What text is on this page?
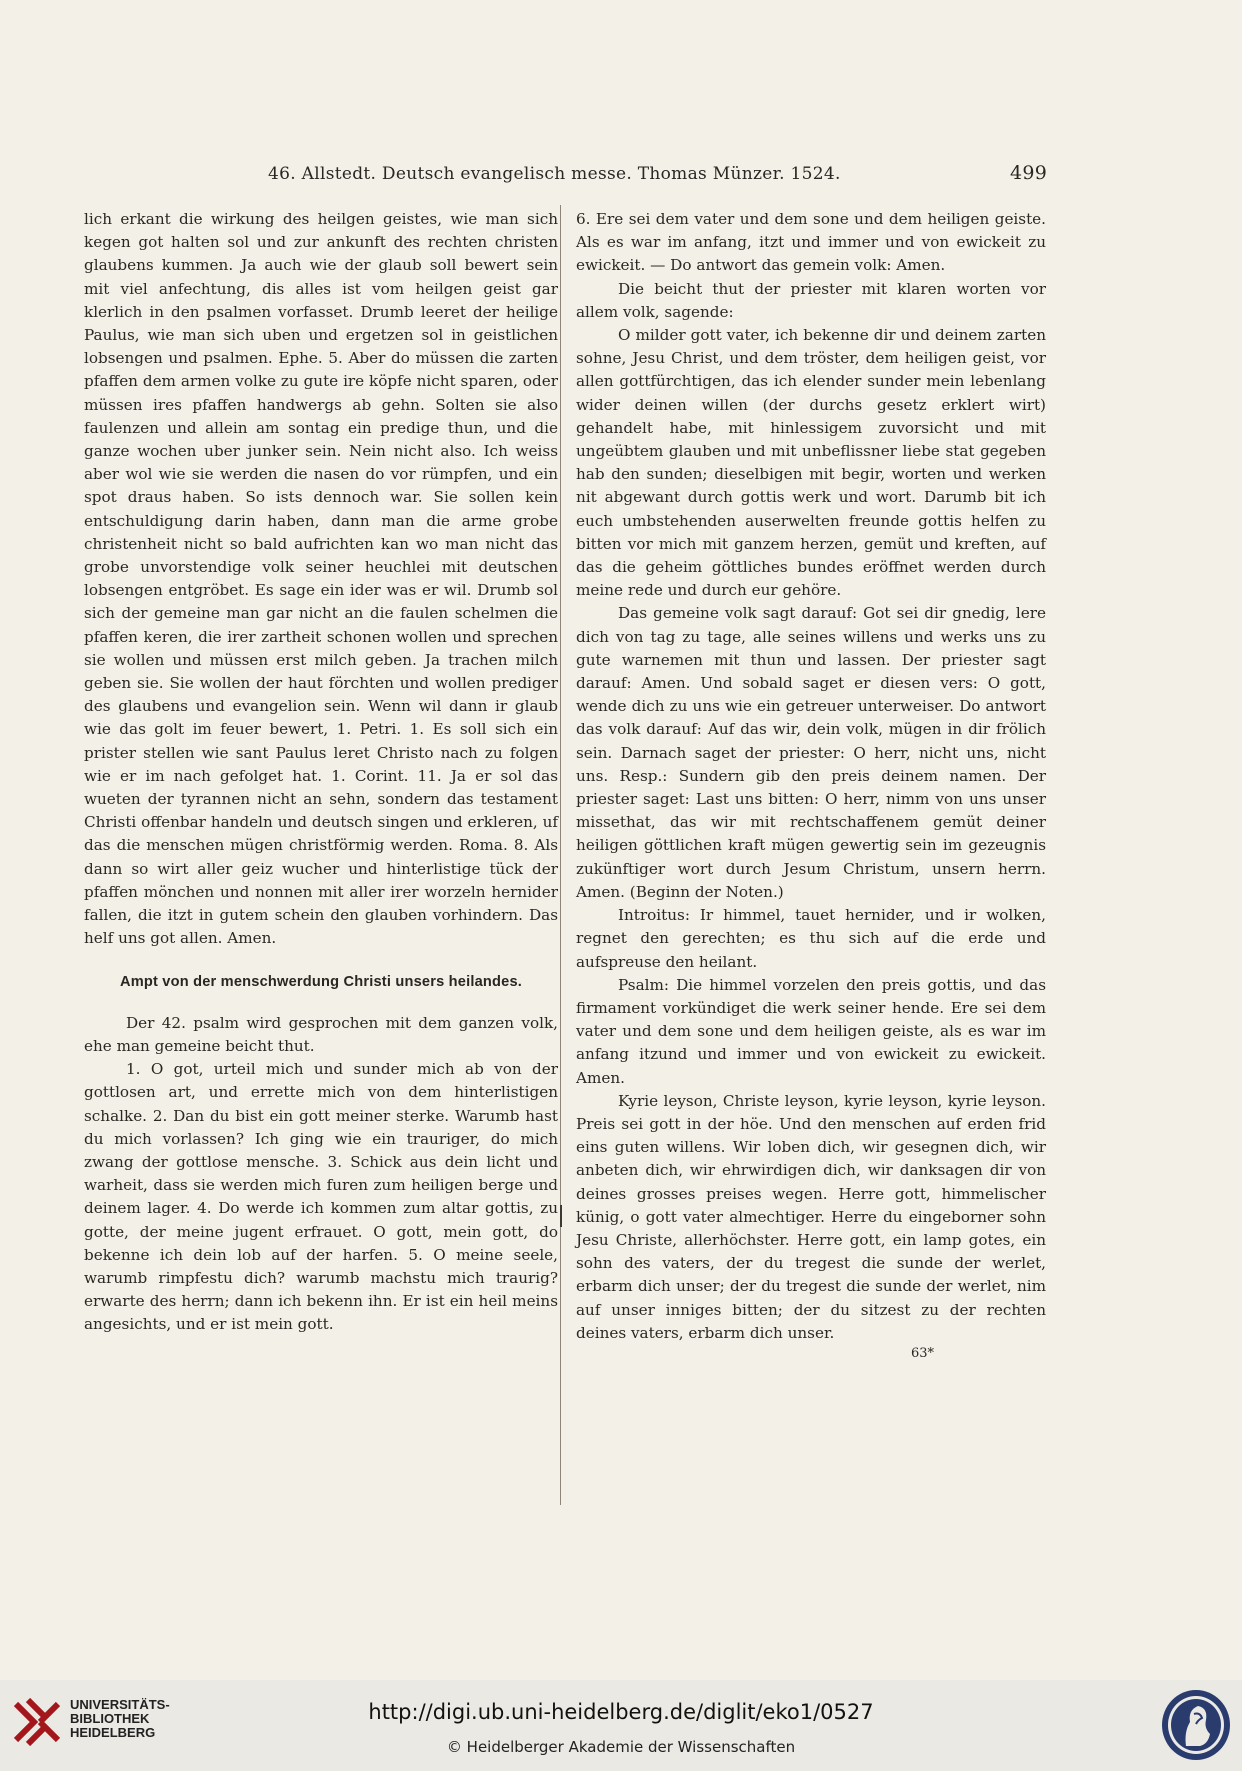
46. Allstedt. Deutsch evangelisch messe. Thomas Münzer. 1524.	499

lich erkant die wirkung des heilgen geistes, wie man sich kegen got halten sol und zur ankunft des rechten christen glaubens kummen. Ja auch wie der glaub soll bewert sein mit viel anfechtung, dis alles ist vom heilgen geist gar klerlich in den psalmen vorfasset. Drumb leeret der heilige Paulus, wie man sich uben und ergetzen sol in geistlichen lobsengen und psalmen. Ephe. 5. Aber do müssen die zarten pfaffen dem armen volke zu gute ire köpfe nicht sparen, oder müssen ires pfaffen handwergs ab gehn. Solten sie also faulenzen und allein am sontag ein predige thun, und die ganze wochen uber junker sein. Nein nicht also. Ich weiss aber wol wie sie werden die nasen do vor rümpfen, und ein spot draus haben. So ists dennoch war. Sie sollen kein entschuldigung darin haben, dann man die arme grobe christenheit nicht so bald aufrichten kan wo man nicht das grobe unvorstendige volk seiner heuchlei mit deutschen lobsengen entgröbet. Es sage ein ider was er wil. Drumb sol sich der gemeine man gar nicht an die faulen schelmen die pfaffen keren, die irer zartheit schonen wollen und sprechen sie wollen und müssen erst milch geben. Ja trachen milch geben sie. Sie wollen der haut förchten und wollen prediger des glaubens und evangelion sein. Wenn wil dann ir glaub wie das golt im feuer bewert, 1. Petri. 1. Es soll sich ein prister stellen wie sant Paulus leret Christo nach zu folgen wie er im nach gefolget hat. 1. Corint. 11. Ja er sol das wueten der tyrannen nicht an sehn, sondern das testament Christi offenbar handeln und deutsch singen und erkleren, uf das die menschen mügen christförmig werden. Roma. 8. Als dann so wirt aller geiz wucher und hinterlistige tück der pfaffen mönchen und nonnen mit aller irer worzeln hernider fallen, die itzt in gutem schein den glauben vorhindern. Das helf uns got allen. Amen.

Ampt von der menschwerdung Christi unsers heilandes.

Der 42. psalm wird gesprochen mit dem ganzen volk, ehe man gemeine beicht thut.

1. O got, urteil mich und sunder mich ab von der gottlosen art, und errette mich von dem hinterlistigen schalke. 2. Dan du bist ein gott meiner sterke. Warumb hast du mich vorlassen? Ich ging wie ein trauriger, do mich zwang der gottlose mensche. 3. Schick aus dein licht und warheit, dass sie werden mich furen zum heiligen berge und deinem lager. 4. Do werde ich kommen zum altar gottis, zu gotte, der meine jugent erfrauet. O gott, mein gott, do bekenne ich dein lob auf der harfen. 5. O meine seele, warumb rimpfestu dich? warumb machstu mich traurig? erwarte des herrn; dann ich bekenn ihn. Er ist ein heil meins angesichts, und er ist mein gott.

6. Ere sei dem vater und dem sone und dem heiligen geiste. Als es war im anfang, itzt und immer und von ewickeit zu ewickeit. — Do antwort das gemein volk: Amen.

Die beicht thut der priester mit klaren worten vor allem volk, sagende:

O milder gott vater, ich bekenne dir und deinem zarten sohne, Jesu Christ, und dem tröster, dem heiligen geist, vor allen gottfürchtigen, das ich elender sunder mein lebenlang wider deinen willen (der durchs gesetz erklert wirt) gehandelt habe, mit hinlessigem zuvorsicht und mit ungeübtem glauben und mit unbeflissner liebe stat gegeben hab den sunden; dieselbigen mit begir, worten und werken nit abgewant durch gottis werk und wort. Darumb bit ich euch umbstehenden auserwelten freunde gottis helfen zu bitten vor mich mit ganzem herzen, gemüt und kreften, auf das die geheim göttliches bundes eröffnet werden durch meine rede und durch eur gehöre.

Das gemeine volk sagt darauf: Got sei dir gnedig, lere dich von tag zu tage, alle seines willens und werks uns zu gute warnemen mit thun und lassen. Der priester sagt darauf: Amen. Und sobald saget er diesen vers: O gott, wende dich zu uns wie ein getreuer unterweiser. Do antwort das volk darauf: Auf das wir, dein volk, mügen in dir frölich sein. Darnach saget der priester: O herr, nicht uns, nicht uns. Resp.: Sundern gib den preis deinem namen. Der priester saget: Last uns bitten: O herr, nimm von uns unser missethat, das wir mit rechtschaffenem gemüt deiner heiligen göttlichen kraft mügen gewertig sein im gezeugnis zukünftiger wort durch Jesum Christum, unsern herrn. Amen. (Beginn der Noten.)

Introitus: Ir himmel, tauet hernider, und ir wolken, regnet den gerechten; es thu sich auf die erde und aufspreuse den heilant.

Psalm: Die himmel vorzelen den preis gottis, und das firmament vorkündiget die werk seiner hende. Ere sei dem vater und dem sone und dem heiligen geiste, als es war im anfang itzund und immer und von ewickeit zu ewickeit. Amen.

Kyrie leyson, Christe leyson, kyrie leyson, kyrie leyson. Preis sei gott in der höe. Und den menschen auf erden frid eins guten willens. Wir loben dich, wir gesegnen dich, wir anbeten dich, wir ehrwirdigen dich, wir danksagen dir von deines grosses preises wegen. Herre gott, himmelischer künig, o gott vater almechtiger. Herre du eingeborner sohn Jesu Christe, allerhöchster. Herre gott, ein lamp gotes, ein sohn des vaters, der du tregest die sunde der werlet, erbarm dich unser; der du tregest die sunde der werlet, nim auf unser inniges bitten; der du sitzest zu der rechten deines vaters, erbarm dich unser.

63*
UNIVERSITÄTS-
BIBLIOTHEK
HEIDELBERG
http://digi.ub.uni-heidelberg.de/diglit/eko1/0527
© Heidelberger Akademie der Wissenschaften
